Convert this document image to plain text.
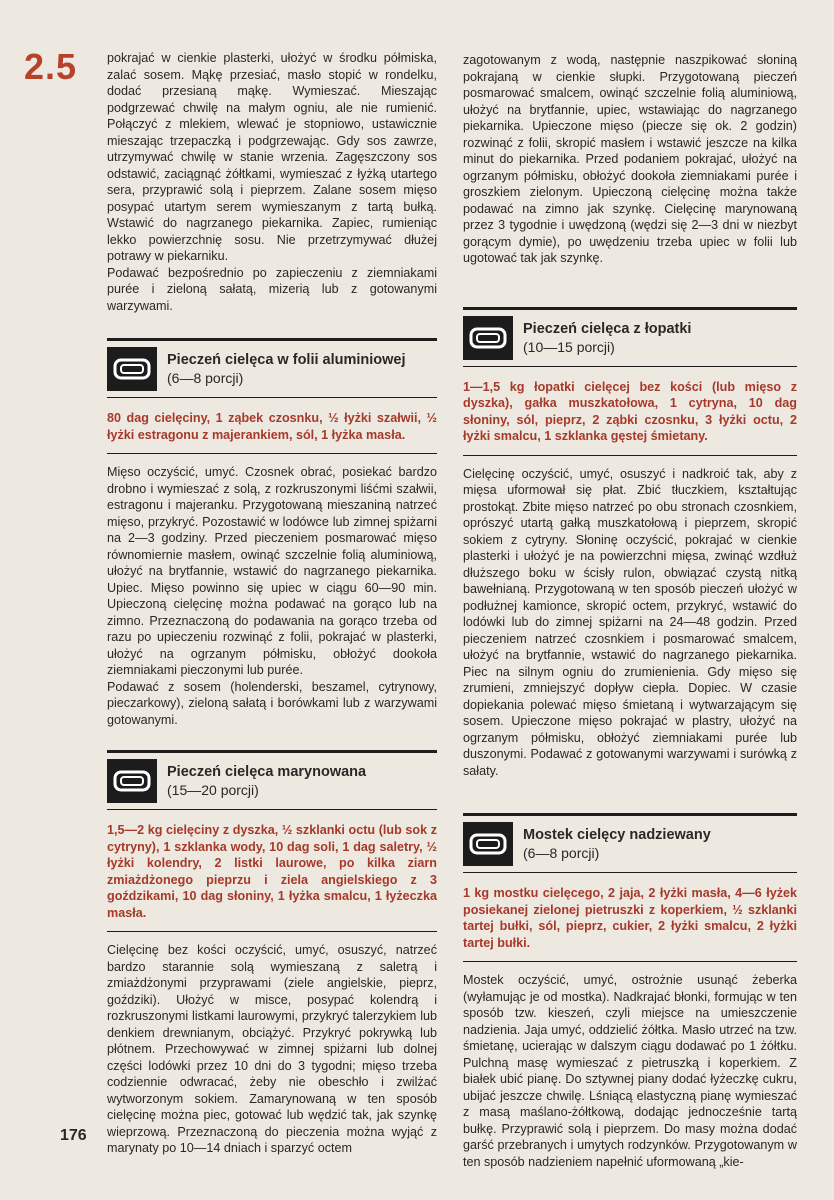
2.5
176

pokrajać w cienkie plasterki, ułożyć w środku półmiska, zalać sosem. Mąkę przesiać, masło stopić w rondelku, dodać przesianą mąkę. Wymieszać. Mieszając podgrzewać chwilę na małym ogniu, ale nie rumienić. Połączyć z mlekiem, wlewać je stopniowo, ustawicznie mieszając trzepaczką i podgrzewając. Gdy sos zawrze, utrzymywać chwilę w stanie wrzenia. Zagęszczony sos odstawić, zaciągnąć żółtkami, wymieszać z łyżką utartego sera, przyprawić solą i pieprzem. Zalane sosem mięso posypać utartym serem wymieszanym z tartą bułką. Wstawić do nagrzanego piekarnika. Zapiec, rumieniąc lekko powierzchnię sosu. Nie przetrzymywać dłużej potrawy w piekarniku.

Podawać bezpośrednio po zapieczeniu z ziemniakami purée i zieloną sałatą, mizerią lub z gotowanymi warzywami.

Pieczeń cielęca w folii aluminiowej
(6—8 porcji)
80 dag cielęciny, 1 ząbek czosnku, ½ łyżki szałwii, ½ łyżki estragonu z majerankiem, sól, 1 łyżka masła.

Mięso oczyścić, umyć. Czosnek obrać, posiekać bardzo drobno i wymieszać z solą, z rozkruszonymi liśćmi szałwii, estragonu i majeranku. Przygotowaną mieszaniną natrzeć mięso, przykryć. Pozostawić w lodówce lub zimnej spiżarni na 2—3 godziny. Przed pieczeniem posmarować mięso równomiernie masłem, owinąć szczelnie folią aluminiową, ułożyć na brytfannie, wstawić do nagrzanego piekarnika. Upiec. Mięso powinno się upiec w ciągu 60—90 min. Upieczoną cielęcinę można podawać na gorąco lub na zimno. Przeznaczoną do podawania na gorąco trzeba od razu po upieczeniu rozwinąć z folii, pokrajać w plasterki, ułożyć na ogrzanym półmisku, obłożyć dookoła ziemniakami pieczonymi lub purée.

Podawać z sosem (holenderski, beszamel, cytrynowy, pieczarkowy), zieloną sałatą i borówkami lub z warzywami gotowanymi.

Pieczeń cielęca marynowana
(15—20 porcji)
1,5—2 kg cielęciny z dyszka, ½ szklanki octu (lub sok z cytryny), 1 szklanka wody, 10 dag soli, 1 dag saletry, ½ łyżki kolendry, 2 listki laurowe, po kilka ziarn zmiażdżonego pieprzu i ziela angielskiego z 3 goździkami, 10 dag słoniny, 1 łyżka smalcu, 1 łyżeczka masła.

Cielęcinę bez kości oczyścić, umyć, osuszyć, natrzeć bardzo starannie solą wymieszaną z saletrą i zmiażdżonymi przyprawami (ziele angielskie, pieprz, goździki). Ułożyć w misce, posypać kolendrą i rozkruszonymi listkami laurowymi, przykryć talerzykiem lub denkiem drewnianym, obciążyć. Przykryć pokrywką lub płótnem. Przechowywać w zimnej spiżarni lub dolnej części lodówki przez 10 dni do 3 tygodni; mięso trzeba codziennie odwracać, żeby nie obeschło i zwilżać wytworzonym sokiem. Zamarynowaną w ten sposób cielęcinę można piec, gotować lub wędzić tak, jak szynkę wieprzową. Przeznaczoną do pieczenia można wyjąć z marynaty po 10—14 dniach i sparzyć octem

zagotowanym z wodą, następnie naszpikować słoniną pokrajaną w cienkie słupki. Przygotowaną pieczeń posmarować smalcem, owinąć szczelnie folią aluminiową, ułożyć na brytfannie, upiec, wstawiając do nagrzanego piekarnika. Upieczone mięso (piecze się ok. 2 godzin) rozwinąć z folii, skropić masłem i wstawić jeszcze na kilka minut do piekarnika. Przed podaniem pokrajać, ułożyć na ogrzanym półmisku, obłożyć dookoła ziemniakami purée i groszkiem zielonym. Upieczoną cielęcinę można także podawać na zimno jak szynkę. Cielęcinę marynowaną przez 3 tygodnie i uwędzoną (wędzi się 2—3 dni w niezbyt gorącym dymie), po uwędzeniu trzeba upiec w folii lub ugotować tak jak szynkę.

Pieczeń cielęca z łopatki
(10—15 porcji)
1—1,5 kg łopatki cielęcej bez kości (lub mięso z dyszka), gałka muszkatołowa, 1 cytryna, 10 dag słoniny, sól, pieprz, 2 ząbki czosnku, 3 łyżki octu, 2 łyżki smalcu, 1 szklanka gęstej śmietany.

Cielęcinę oczyścić, umyć, osuszyć i nadkroić tak, aby z mięsa uformował się płat. Zbić tłuczkiem, kształtując prostokąt. Zbite mięso natrzeć po obu stronach czosnkiem, oprószyć utartą gałką muszkatołową i pieprzem, skropić sokiem z cytryny. Słoninę oczyścić, pokrajać w cienkie plasterki i ułożyć je na powierzchni mięsa, zwinąć wzdłuż dłuższego boku w ścisły rulon, obwiązać czystą nitką bawełnianą. Przygotowaną w ten sposób pieczeń ułożyć w podłużnej kamionce, skropić octem, przykryć, wstawić do lodówki lub do zimnej spiżarni na 24—48 godzin. Przed pieczeniem natrzeć czosnkiem i posmarować smalcem, ułożyć na brytfannie, wstawić do nagrzanego piekarnika. Piec na silnym ogniu do zrumienienia. Gdy mięso się zrumieni, zmniejszyć dopływ ciepła. Dopiec. W czasie dopiekania polewać mięso śmietaną i wytwarzającym się sosem. Upieczone mięso pokrajać w plastry, ułożyć na ogrzanym półmisku, obłożyć ziemniakami purée lub duszonymi. Podawać z gotowanymi warzywami i surówką z sałaty.

Mostek cielęcy nadziewany
(6—8 porcji)
1 kg mostku cielęcego, 2 jaja, 2 łyżki masła, 4—6 łyżek posiekanej zielonej pietruszki z koperkiem, ½ szklanki tartej bułki, sól, pieprz, cukier, 2 łyżki smalcu, 2 łyżki tartej bułki.

Mostek oczyścić, umyć, ostrożnie usunąć żeberka (wyłamując je od mostka). Nadkrajać błonki, formując w ten sposób tzw. kieszeń, czyli miejsce na umieszczenie nadzienia. Jaja umyć, oddzielić żółtka. Masło utrzeć na tzw. śmietanę, ucierając w dalszym ciągu dodawać po 1 żółtku. Pulchną masę wymieszać z pietruszką i koperkiem. Z białek ubić pianę. Do sztywnej piany dodać łyżeczkę cukru, ubijać jeszcze chwilę. Lśniącą elastyczną pianę wymieszać z masą maślano-żółtkową, dodając jednocześnie tartą bułkę. Przyprawić solą i pieprzem. Do masy można dodać garść przebranych i umytych rodzynków. Przygotowanym w ten sposób nadzieniem napełnić uformowaną „kie-
